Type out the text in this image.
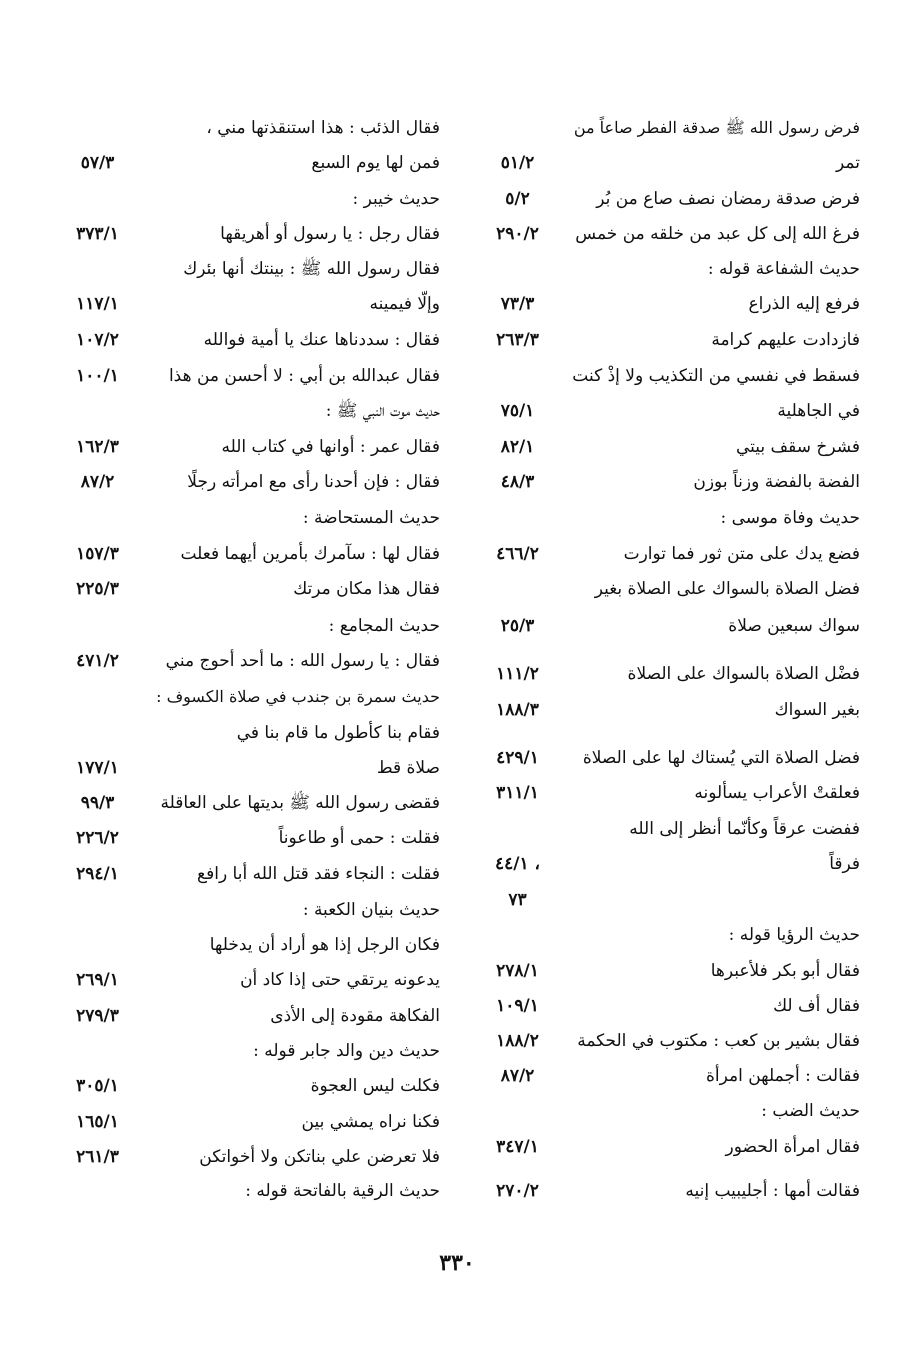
فرض رسول الله ﷺ صدقة الفطر صاعاً من
تمر
٥١/٢
فرض صدقة رمضان نصف صاع من بُر
٥/٢
فرغ الله إلى كل عبد من خلقه من خمس
٢٩٠/٢
حديث الشفاعة قوله :
فرفع إليه الذراع
٧٣/٣
فازدادت عليهم كرامة
٢٦٣/٣
فسقط في نفسي من التكذيب ولا إذْ كنت
في الجاهلية
٧٥/١
فشرخ سقف بيتي
٨٢/١
الفضة بالفضة وزناً بوزن
٤٨/٣
حديث وفاة موسى :
فضع يدك على متن ثور فما توارت
٤٦٦/٢
فضل الصلاة بالسواك على الصلاة بغير
سواك سبعين صلاة
٢٥/٣
فضْل الصلاة بالسواك على الصلاة
١١١/٢
بغير السواك
١٨٨/٣
فضل الصلاة التي يُستاك لها على الصلاة
٤٢٩/١
فعلقتْ الأعراب يسألونه
٣١١/١
ففضت عرقاً وكأنّما أنظر إلى الله
فرقاً
٤٤/١ ،
٧٣
حديث الرؤيا قوله :
فقال أبو بكر فلأعبرها
٢٧٨/١
فقال أف لك
١٠٩/١
فقال بشير بن كعب : مكتوب في الحكمة
١٨٨/٢
فقالت : أجملهن امرأة
٨٧/٢
حديث الضب :
فقال امرأة الحضور
٣٤٧/١
فقالت أمها : أجليبيب إنيه
٢٧٠/٢
فقال الذئب : هذا استنقذتها مني ،
فمن لها يوم السبع
٥٧/٣
حديث خيبر :
فقال رجل : يا رسول أو أهريقها
٣٧٣/١
فقال رسول الله ﷺ : بينتك أنها بئرك
وإلّا فيمينه
١١٧/١
فقال : سددناها عنك يا أمية فوالله
١٠٧/٢
فقال عبدالله بن أبي : لا أحسن من هذا
١٠٠/١
حديث موت النبي ﷺ :
فقال عمر : أوانها في كتاب الله
١٦٢/٣
فقال : فإن أحدنا رأى مع امرأته رجلًا
٨٧/٢
حديث المستحاضة :
فقال لها : سآمرك بأمرين أيهما فعلت
١٥٧/٣
فقال هذا مكان مرتك
٢٢٥/٣
حديث المجامع :
فقال : يا رسول الله : ما أحد أحوج مني
٤٧١/٢
حديث سمرة بن جندب في صلاة الكسوف :
فقام بنا كأطول ما قام بنا في
صلاة قط
١٧٧/١
فقضى رسول الله ﷺ بديتها على العاقلة
٩٩/٣
فقلت : حمى أو طاعوناً
٢٢٦/٢
فقلت : النجاء فقد قتل الله أبا رافع
٢٩٤/١
حديث بنيان الكعبة :
فكان الرجل إذا هو أراد أن يدخلها
يدعونه يرتقي حتى إذا كاد أن
٢٦٩/١
الفكاهة مقودة إلى الأذى
٢٧٩/٣
حديث دين والد جابر قوله :
فكلت ليس العجوة
٣٠٥/١
فكنا نراه يمشي بين
١٦٥/١
فلا تعرضن علي بناتكن ولا أخواتكن
٢٦١/٣
حديث الرقية بالفاتحة قوله :
٣٣٠
